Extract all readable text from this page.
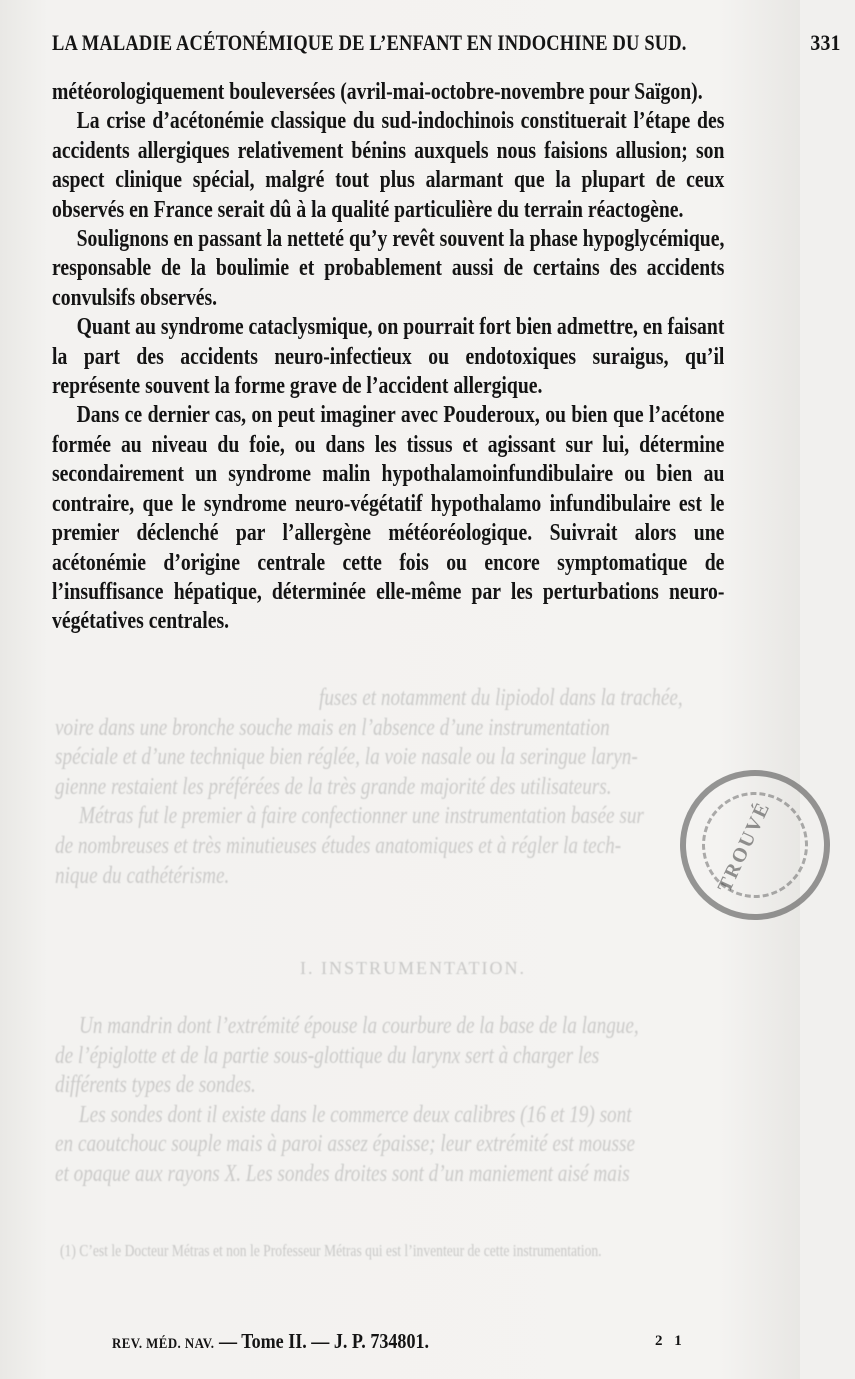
fuses et notamment du lipiodol dans la trachée,
voire dans une bronche souche mais en l’absence d’une instrumentation
spéciale et d’une technique bien réglée, la voie nasale ou la seringue laryn-
gienne restaient les préférées de la très grande majorité des utilisateurs.
Métras fut le premier à faire confectionner une instrumentation basée sur
de nombreuses et très minutieuses études anatomiques et à régler la tech-
nique du cathétérisme.
I. INSTRUMENTATION.
Un mandrin dont l’extrémité épouse la courbure de la base de la langue,
de l’épiglotte et de la partie sous-glottique du larynx sert à charger les
différents types de sondes.
Les sondes dont il existe dans le commerce deux calibres (16 et 19) sont
en caoutchouc souple mais à paroi assez épaisse; leur extrémité est mousse
et opaque aux rayons X. Les sondes droites sont d’un maniement aisé mais
(1) C’est le Docteur Métras et non le Professeur Métras qui est l’inventeur de cette instrumentation.
TROUVÉ
LA MALADIE ACÉTONÉMIQUE DE L’ENFANT EN INDOCHINE DU SUD.	331

météorologiquement bouleversées (avril-mai-octobre-novembre pour Saïgon).

La crise d’acétonémie classique du sud-indochinois constituerait l’étape des accidents allergiques relativement bénins auxquels nous faisions allusion; son aspect clinique spécial, malgré tout plus alarmant que la plupart de ceux observés en France serait dû à la qualité particulière du terrain réactogène.

Soulignons en passant la netteté qu’y revêt souvent la phase hypoglycémique, responsable de la boulimie et probablement aussi de certains des accidents convulsifs observés.

Quant au syndrome cataclysmique, on pourrait fort bien admettre, en faisant la part des accidents neuro-infectieux ou endotoxiques suraigus, qu’il représente souvent la forme grave de l’accident allergique.

Dans ce dernier cas, on peut imaginer avec Pouderoux, ou bien que l’acétone formée au niveau du foie, ou dans les tissus et agissant sur lui, détermine secondairement un syndrome malin hypothalamoinfundibulaire ou bien au contraire, que le syndrome neuro-végétatif hypothalamo infundibulaire est le premier déclenché par l’allergène météoréologique. Suivrait alors une acétonémie d’origine centrale cette fois ou encore symptomatique de l’insuffisance hépatique, déterminée elle-même par les perturbations neuro-végétatives centrales.

REV. MÉD. NAV. — Tome II. — J. P. 734801.	2 1
